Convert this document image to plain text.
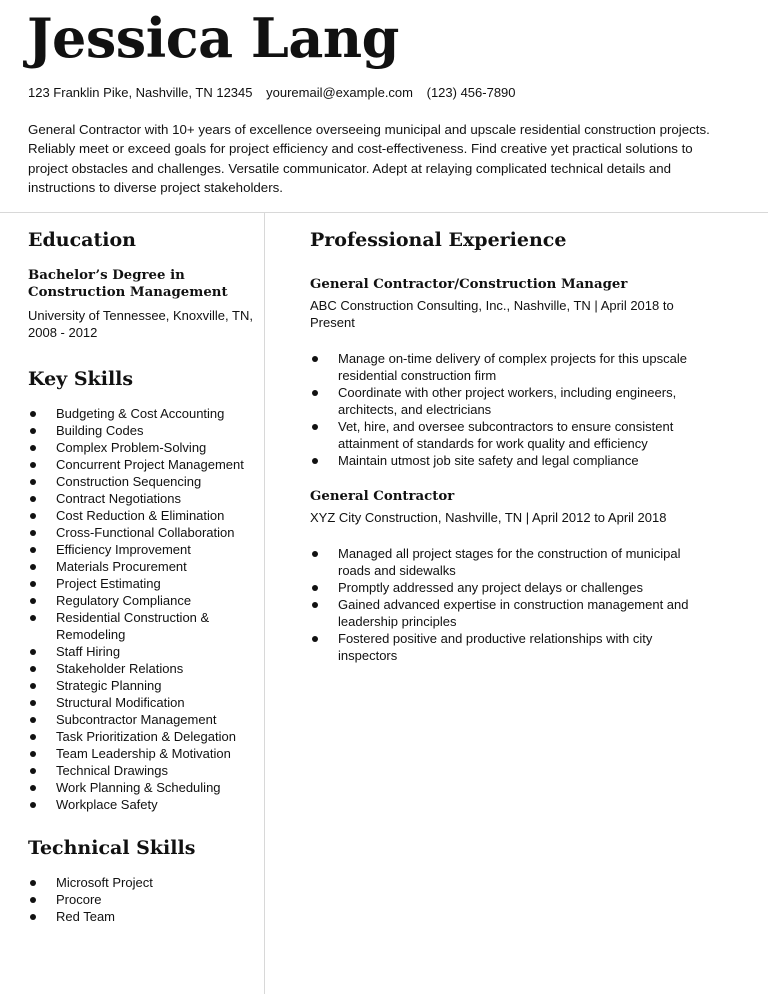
Jessica Lang
123 Franklin Pike, Nashville, TN 12345 youremail@example.com (123) 456-7890

General Contractor with 10+ years of excellence overseeing municipal and upscale residential construction projects. Reliably meet or exceed goals for project efficiency and cost-effectiveness. Find creative yet practical solutions to project obstacles and challenges. Versatile communicator. Adept at relaying complicated technical details and instructions to diverse project stakeholders.

Education
Bachelor’s Degree in Construction Management
University of Tennessee, Knoxville, TN, 2008 - 2012
Key Skills
Budgeting & Cost Accounting
Building Codes
Complex Problem-Solving
Concurrent Project Management
Construction Sequencing
Contract Negotiations
Cost Reduction & Elimination
Cross-Functional Collaboration
Efficiency Improvement
Materials Procurement
Project Estimating
Regulatory Compliance
Residential Construction & Remodeling
Staff Hiring
Stakeholder Relations
Strategic Planning
Structural Modification
Subcontractor Management
Task Prioritization & Delegation
Team Leadership & Motivation
Technical Drawings
Work Planning & Scheduling
Workplace Safety
Technical Skills
Microsoft Project
Procore
Red Team
Professional Experience
General Contractor/Construction Manager
ABC Construction Consulting, Inc., Nashville, TN | April 2018 to Present
Manage on-time delivery of complex projects for this upscale residential construction firm
Coordinate with other project workers, including engineers, architects, and electricians
Vet, hire, and oversee subcontractors to ensure consistent attainment of standards for work quality and efficiency
Maintain utmost job site safety and legal compliance
General Contractor
XYZ City Construction, Nashville, TN | April 2012 to April 2018
Managed all project stages for the construction of municipal roads and sidewalks
Promptly addressed any project delays or challenges
Gained advanced expertise in construction management and leadership principles
Fostered positive and productive relationships with city inspectors
